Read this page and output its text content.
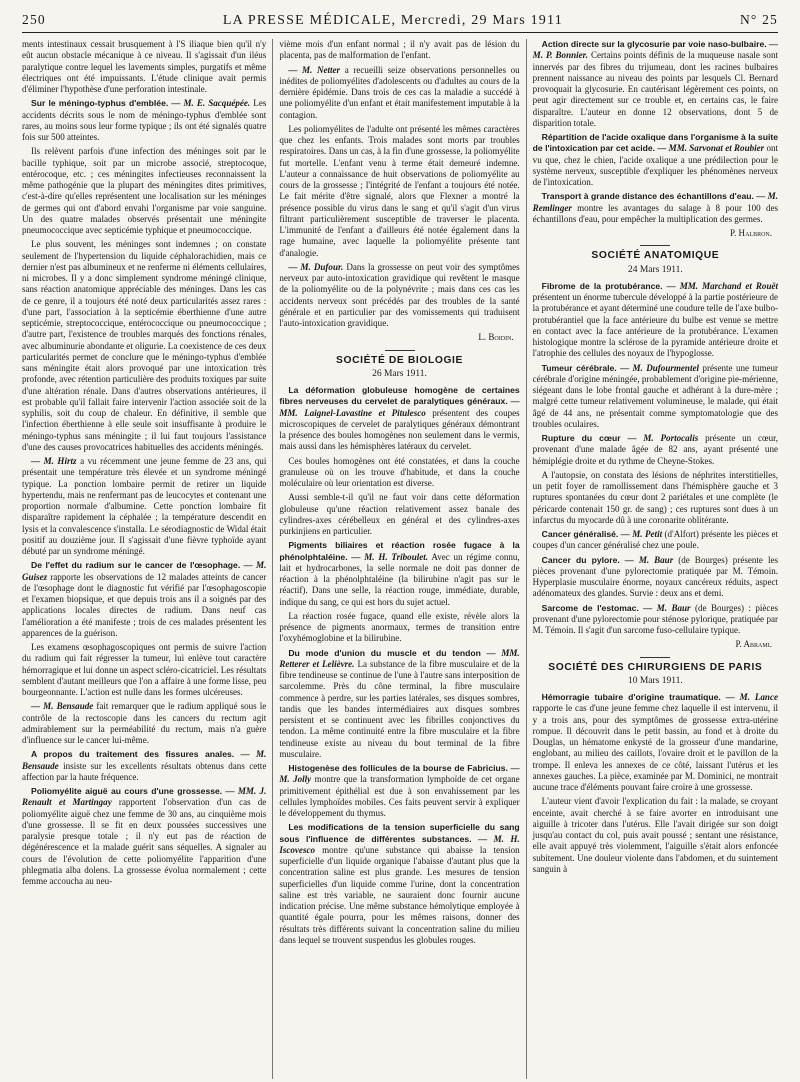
250	LA PRESSE MÉDICALE, Mercredi, 29 Mars 1911	N° 25

ments intestinaux cessait brusquement à l'S iliaque bien qu'il n'y eût aucun obstacle mécanique à ce niveau. Il s'agissait d'un iléus paralytique contre lequel les lavements simples, purgatifs et même électriques ont été impuissants. L'étude clinique avait permis d'éliminer l'hypothèse d'une perforation intestinale.

Sur le méningo-typhus d'emblée. — M. E. Sacquépée. Les accidents décrits sous le nom de méningo-typhus d'emblée sont rares, au moins sous leur forme typique ; ils ont été signalés quatre fois sur 500 atteintes.

Ils relèvent parfois d'une infection des méninges soit par le bacille typhique, soit par un microbe associé, streptocoque, entérocoque, etc. ; ces méningites infectieuses reconnaissent la même pathogénie que la plupart des méningites dites primitives, c'est-à-dire qu'elles représentent une localisation sur les méninges de germes qui ont d'abord envahi l'organisme par voie sanguine. Un des quatre malades observés présentait une méningite pneumococcique avec septicémie typhique et pneumococcique.

Le plus souvent, les méninges sont indemnes ; on constate seulement de l'hypertension du liquide céphalorachidien, mais ce dernier n'est pas albumineux et ne renferme ni éléments cellulaires, ni microbes. Il y a donc simplement syndrome méningé clinique, sans réaction anatomique appréciable des méninges. Dans les cas de ce genre, il a toujours été noté deux particularités assez rares : d'une part, l'association à la septicémie éberthienne d'une autre septicémie, streptococcique, entérococcique ou pneumococcique ; d'autre part, l'existence de troubles marqués des fonctions rénales, avec albuminurie abondante et oligurie. La coexistence de ces deux particularités permet de conclure que le méningo-typhus d'emblée sans méningite était alors provoqué par une intoxication très profonde, avec rétention particulière des produits toxiques par suite d'une altération rénale. Dans d'autres observations antérieures, il est probable qu'il fallait faire intervenir l'action associée soit de la syphilis, soit du coup de chaleur. En définitive, il semble que l'infection éberthienne à elle seule soit insuffisante à produire le méningo-typhus sans méningite ; il lui faut toujours l'assistance d'une des causes provocatrices habituelles des accidents méningés.

— M. Hirtz a vu récemment une jeune femme de 23 ans, qui présentait une température très élevée et un syndrome méningé typique. La ponction lombaire permit de retirer un liquide hypertendu, mais ne renfermant pas de leucocytes et contenant une proportion normale d'albumine. Cette ponction lombaire fit disparaître rapidement la céphalée ; la température descendit en lysis et la convalescence s'installa. Le sérodiagnostic de Widal était positif au douzième jour. Il s'agissait d'une fièvre typhoïde ayant débuté par un syndrome méningé.

De l'effet du radium sur le cancer de l'œsophage. — M. Guisez rapporte les observations de 12 malades atteints de cancer de l'œsophage dont le diagnostic fut vérifié par l'œsophagoscopie et l'examen biopsique, et que depuis trois ans il a soignés par des applications locales directes de radium. Dans neuf cas l'amélioration a été manifeste ; trois de ces malades présentent les apparences de la guérison.

Les examens œsophagoscopiques ont permis de suivre l'action du radium qui fait régresser la tumeur, lui enlève tout caractère hémorragique et lui donne un aspect scléro-cicatriciel. Les résultats semblent d'autant meilleurs que l'on a affaire à une forme lisse, peu bourgeonnante. L'action est nulle dans les formes ulcéreuses.

— M. Bensaude fait remarquer que le radium appliqué sous le contrôle de la rectoscopie dans les cancers du rectum agit admirablement sur la perméabilité du rectum, mais n'a guère d'influence sur le cancer lui-même.

A propos du traitement des fissures anales. — M. Bensaude insiste sur les excellents résultats obtenus dans cette affection par la haute fréquence.

Poliomyélite aiguë au cours d'une grossesse. — MM. J. Renault et Martingay rapportent l'observation d'un cas de poliomyélite aiguë chez une femme de 30 ans, au cinquième mois d'une grossesse. Il se fit en deux poussées successives une paralysie presque totale ; il n'y eut pas de réaction de dégénérescence et la malade guérit sans séquelles. A signaler au cours de l'évolution de cette poliomyélite l'apparition d'une phlegmatia alba dolens. La grossesse évolua normalement ; cette femme accoucha au neu-

vième mois d'un enfant normal ; il n'y avait pas de lésion du placenta, pas de malformation de l'enfant.

— M. Netter a recueilli seize observations personnelles ou inédites de poliomyélites d'adolescents ou d'adultes au cours de la dernière épidémie. Dans trois de ces cas la maladie a succédé à une poliomyélite d'un enfant et était manifestement imputable à la contagion.

Les poliomyélites de l'adulte ont présenté les mêmes caractères que chez les enfants. Trois malades sont morts par troubles respiratoires. Dans un cas, à la fin d'une grossesse, la poliomyélite fut mortelle. L'enfant venu à terme était demeuré indemne. L'auteur a connaissance de huit observations de poliomyélite au cours de la grossesse ; l'intégrité de l'enfant a toujours été notée. Le fait mérite d'être signalé, alors que Flexner a montré la présence possible du virus dans le sang et qu'il s'agit d'un virus filtrant particulièrement susceptible de traverser le placenta. L'immunité de l'enfant a d'ailleurs été notée également dans la rage humaine, avec laquelle la poliomyélite présente tant d'analogie.

— M. Dufour. Dans la grossesse on peut voir des symptômes nerveux par auto-intoxication gravidique qui revêtent le masque de la poliomyélite ou de la polynévrite ; mais dans ces cas les accidents nerveux sont précédés par des troubles de la santé générale et en particulier par des vomissements qui traduisent l'auto-intoxication gravidique.

L. Boidin.

SOCIÉTÉ DE BIOLOGIE

26 Mars 1911.

La déformation globuleuse homogène de certaines fibres nerveuses du cervelet de paralytiques généraux. — MM. Laignel-Lavastine et Pitulesco présentent des coupes microscopiques de cervelet de paralytiques généraux démontrant la présence des boules homogènes non seulement dans le vermis, mais aussi dans les hémisphères latéraux du cervelet.

Ces boules homogènes ont été constatées, et dans la couche granuleuse où on les trouve d'habitude, et dans la couche moléculaire où leur orientation est diverse.

Aussi semble-t-il qu'il ne faut voir dans cette déformation globuleuse qu'une réaction relativement assez banale des cylindres-axes cérébelleux en général et des cylindres-axes purkinjiens en particulier.

Pigments biliaires et réaction rosée fugace à la phénolphtaléine. — M. H. Triboulet. Avec un régime connu, lait et hydrocarbones, la selle normale ne doit pas donner de réaction à la phénolphtaléine (la bilirubine n'agit pas sur le réactif). Dans une selle, la réaction rouge, immédiate, durable, indique du sang, ce qui est hors du sujet actuel.

La réaction rosée fugace, quand elle existe, révèle alors la présence de pigments anormaux, termes de transition entre l'oxyhémoglobine et la bilirubine.

Du mode d'union du muscle et du tendon — MM. Retterer et Lelièvre. La substance de la fibre musculaire et de la fibre tendineuse se continue de l'une à l'autre sans interposition de sarcolemme. Près du cône terminal, la fibre musculaire commence à perdre, sur les parties latérales, ses disques sombres, tandis que les bandes intermédiaires aux disques sombres persistent et se continuent avec les fibrilles conjonctives du tendon. La même continuité entre la fibre musculaire et la fibre tendineuse existe au niveau du bout terminal de la fibre musculaire.

Histogenèse des follicules de la bourse de Fabricius. — M. Jolly montre que la transformation lymphoïde de cet organe primitivement épithélial est due à son envahissement par les cellules lymphoïdes mobiles. Ces faits peuvent servir à expliquer le développement du thymus.

Les modifications de la tension superficielle du sang sous l'influence de différentes substances. — M. H. Iscovesco montre qu'une substance qui abaisse la tension superficielle d'un liquide organique l'abaisse d'autant plus que la concentration saline est plus grande. Les mesures de tension superficielles d'un liquide comme l'urine, dont la concentration saline est très variable, ne sauraient donc fournir aucune indication précise. Une même substance hémolytique employée à quantité égale pourra, pour les mêmes raisons, donner des résultats très différents suivant la concentration saline du milieu dans lequel se trouvent suspendus les globules rouges.

Action directe sur la glycosurie par voie naso-bulbaire. — M. P. Bonnier. Certains points définis de la muqueuse nasale sont innervés par des fibres du trijumeau, dont les racines bulbaires prennent naissance au niveau des points par lesquels Cl. Bernard provoquait la glycosurie. En cautérisant légèrement ces points, on peut agir directement sur ce trouble et, en certains cas, le faire disparaître. L'auteur en donne 12 observations, dont 5 de disparition totale.

Répartition de l'acide oxalique dans l'organisme à la suite de l'intoxication par cet acide. — MM. Sarvonat et Roubier ont vu que, chez le chien, l'acide oxalique a une prédilection pour le système nerveux, susceptible d'expliquer les phénomènes nerveux de l'intoxication.

Transport à grande distance des échantillons d'eau. — M. Remlinger montre les avantages du salage à 8 pour 100 des échantillons d'eau, pour empêcher la multiplication des germes.

P. Halbron.

SOCIÉTÉ ANATOMIQUE

24 Mars 1911.

Fibrome de la protubérance. — MM. Marchand et Rouët présentent un énorme tubercule développé à la partie postérieure de la protubérance et ayant déterminé une coudure telle de l'axe bulbo-protubérantiel que la face antérieure du bulbe est venue se mettre en contact avec la face antérieure de la protubérance. L'examen histologique montre la sclérose de la pyramide antérieure droite et l'atrophie des cellules des noyaux de l'hypoglosse.

Tumeur cérébrale. — M. Dufourmentel présente une tumeur cérébrale d'origine méningée, probablement d'origine pie-mérienne, siégeant dans le lobe frontal gauche et adhérant à la dure-mère ; malgré cette tumeur relativement volumineuse, le malade, qui était âgé de 44 ans, ne présentait comme symptomatologie que des troubles oculaires.

Rupture du cœur — M. Portocalis présente un cœur, provenant d'une malade âgée de 82 ans, ayant présenté une hémiplégie droite et du rythme de Cheyne-Stokes.

A l'autopsie, on constata des lésions de néphrites interstitielles, un petit foyer de ramollissement dans l'hémisphère gauche et 3 ruptures spontanées du cœur dont 2 pariétales et une complète (le péricarde contenait 150 gr. de sang) ; ces ruptures sont dues à un infarctus du myocarde dû à une coronarite oblitérante.

Cancer généralisé. — M. Petit (d'Alfort) présente les pièces et coupes d'un cancer généralisé chez une poule.

Cancer du pylore. — M. Baur (de Bourges) présente les pièces provenant d'une pylorectomie pratiquée par M. Témoin. Hyperplasie musculaire énorme, noyaux cancéreux réduits, aspect adénomateux des glandes. Survie : deux ans et demi.

Sarcome de l'estomac. — M. Baur (de Bourges) : pièces provenant d'une pylorectomie pour sténose pylorique, pratiquée par M. Témoin. Il s'agit d'un sarcome fuso-cellulaire typique.

P. Abrami.

SOCIÉTÉ DES CHIRURGIENS DE PARIS

10 Mars 1911.

Hémorragie tubaire d'origine traumatique. — M. Lance rapporte le cas d'une jeune femme chez laquelle il est intervenu, il y a trois ans, pour des symptômes de grossesse extra-utérine rompue. Il découvrit dans le petit bassin, au fond et à droite du Douglas, un hématome enkysté de la grosseur d'une mandarine, englobant, au milieu des caillots, l'ovaire droit et le pavillon de la trompe. Il enleva les annexes de ce côté, laissant l'utérus et les annexes gauches. La pièce, examinée par M. Dominici, ne montrait aucune trace d'éléments pouvant faire croire à une grossesse.

L'auteur vient d'avoir l'explication du fait : la malade, se croyant enceinte, avait cherché à se faire avorter en introduisant une aiguille à tricoter dans l'utérus. Elle l'avait dirigée sur son doigt jusqu'au contact du col, puis avait poussé ; sentant une résistance, elle avait appuyé très violemment, l'aiguille s'était alors enfoncée subitement. Une douleur violente dans l'abdomen, et du suintement sanguin à
